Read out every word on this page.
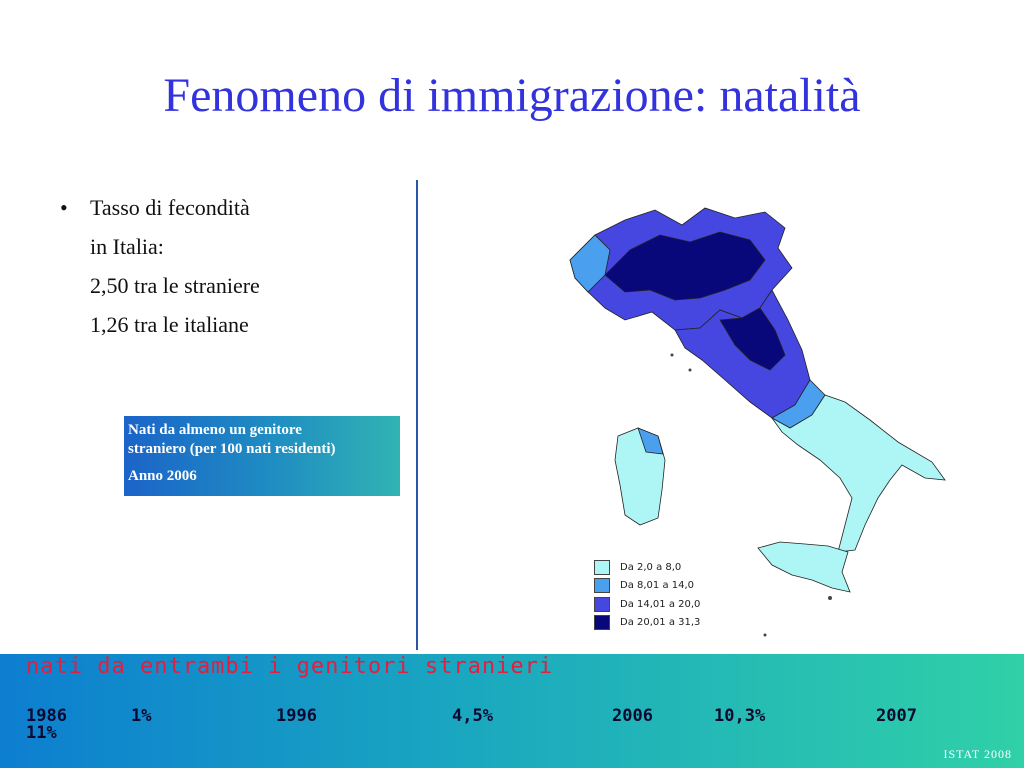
Fenomeno di immigrazione: natalità
•	Tasso di fecondità
in Italia:
2,50 tra le straniere
1,26 tra le italiane
Nati da almeno un genitore
straniero (per 100 nati residenti)
Anno 2006
Da 2,0 a 8,0
Da 8,01 a 14,0
Da 14,01 a 20,0
Da 20,01 a 31,3
nati da entrambi i genitori stranieri
1986	1%	1996	4,5%	2006	10,3%	2007
11%
ISTAT 2008
